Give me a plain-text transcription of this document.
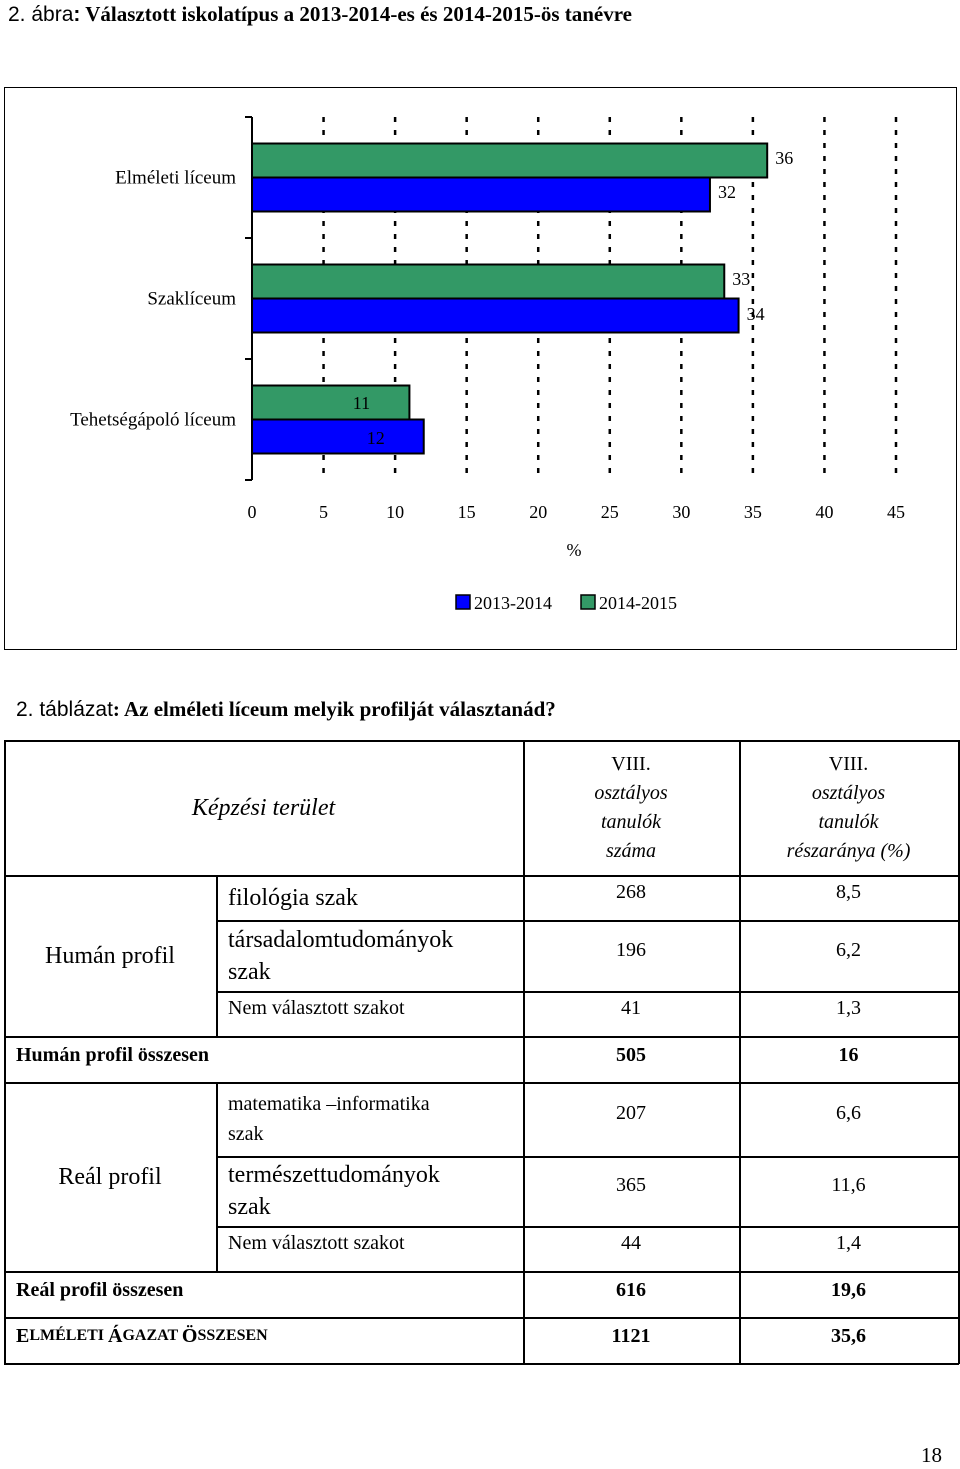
2. ábra: Választott iskolatípus a 2013-2014-es és 2014-2015-ös tanévre
Elméleti líceum
Szaklíceum
Tehetségápoló líceum
32
36
34
33
12
11
0	5	10	15	20	25	30	35	40	45
%
2013-2014	2014-2015
2. táblázat: Az elméleti líceum melyik profilját választanád?
Képzési terület
VIII.
osztályos
tanulók
száma
VIII.
osztályos
tanulók
részaránya (%)
Humán profil
filológia szak	268	8,5
társadalomtudományok
szak
196	6,2
Nem választott szakot	41	1,3
Humán profil összesen	505	16
Reál profil
matematika –informatika
szak
207	6,6
természettudományok
szak
365	11,6
Nem választott szakot	44	1,4
Reál profil összesen	616	19,6
E LMÉLETI Á GAZAT Ö SSZESEN	1121	35,6
18
